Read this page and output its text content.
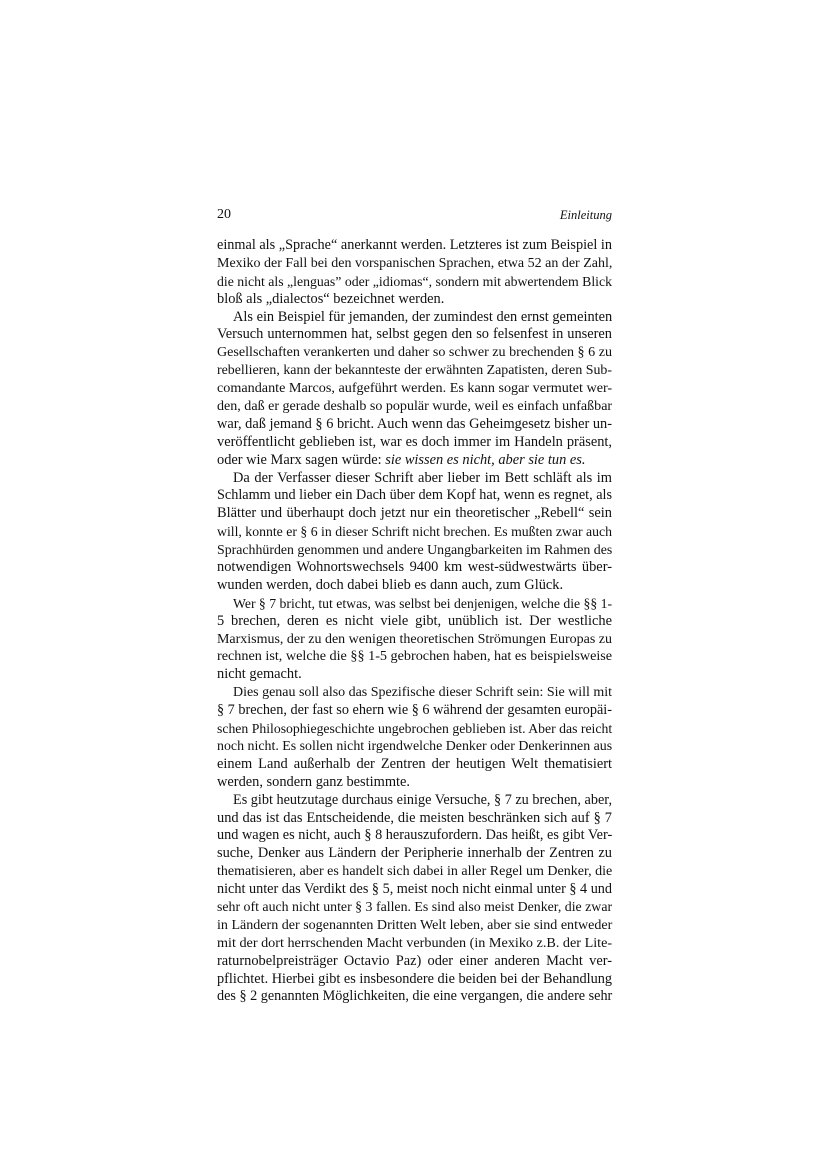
20	Einleitung
einmal als „Sprache“ anerkannt werden. Letzteres ist zum Beispiel in
Mexiko der Fall bei den vorspanischen Sprachen, etwa 52 an der Zahl,
die nicht als „lenguas” oder „idiomas“, sondern mit abwertendem Blick
bloß als „dialectos“ bezeichnet werden.
Als ein Beispiel für jemanden, der zumindest den ernst gemeinten
Versuch unternommen hat, selbst gegen den so felsenfest in unseren
Gesellschaften verankerten und daher so schwer zu brechenden § 6 zu
rebellieren, kann der bekannteste der erwähnten Zapatisten, deren Sub-
comandante Marcos, aufgeführt werden. Es kann sogar vermutet wer-
den, daß er gerade deshalb so populär wurde, weil es einfach unfaßbar
war, daß jemand § 6 bricht. Auch wenn das Geheimgesetz bisher un-
veröffentlicht geblieben ist, war es doch immer im Handeln präsent,
oder wie Marx sagen würde: sie wissen es nicht, aber sie tun es.
Da der Verfasser dieser Schrift aber lieber im Bett schläft als im
Schlamm und lieber ein Dach über dem Kopf hat, wenn es regnet, als
Blätter und überhaupt doch jetzt nur ein theoretischer „Rebell“ sein
will, konnte er § 6 in dieser Schrift nicht brechen. Es mußten zwar auch
Sprachhürden genommen und andere Ungangbarkeiten im Rahmen des
notwendigen Wohnortswechsels 9400 km west-südwestwärts über-
wunden werden, doch dabei blieb es dann auch, zum Glück.
Wer § 7 bricht, tut etwas, was selbst bei denjenigen, welche die §§ 1-
5 brechen, deren es nicht viele gibt, unüblich ist. Der westliche
Marxismus, der zu den wenigen theoretischen Strömungen Europas zu
rechnen ist, welche die §§ 1-5 gebrochen haben, hat es beispielsweise
nicht gemacht.
Dies genau soll also das Spezifische dieser Schrift sein: Sie will mit
§ 7 brechen, der fast so ehern wie § 6 während der gesamten europäi-
schen Philosophiegeschichte ungebrochen geblieben ist. Aber das reicht
noch nicht. Es sollen nicht irgendwelche Denker oder Denkerinnen aus
einem Land außerhalb der Zentren der heutigen Welt thematisiert
werden, sondern ganz bestimmte.
Es gibt heutzutage durchaus einige Versuche, § 7 zu brechen, aber,
und das ist das Entscheidende, die meisten beschränken sich auf § 7
und wagen es nicht, auch § 8 herauszufordern. Das heißt, es gibt Ver-
suche, Denker aus Ländern der Peripherie innerhalb der Zentren zu
thematisieren, aber es handelt sich dabei in aller Regel um Denker, die
nicht unter das Verdikt des § 5, meist noch nicht einmal unter § 4 und
sehr oft auch nicht unter § 3 fallen. Es sind also meist Denker, die zwar
in Ländern der sogenannten Dritten Welt leben, aber sie sind entweder
mit der dort herrschenden Macht verbunden (in Mexiko z.B. der Lite-
raturnobelpreisträger Octavio Paz) oder einer anderen Macht ver-
pflichtet. Hierbei gibt es insbesondere die beiden bei der Behandlung
des § 2 genannten Möglichkeiten, die eine vergangen, die andere sehr
